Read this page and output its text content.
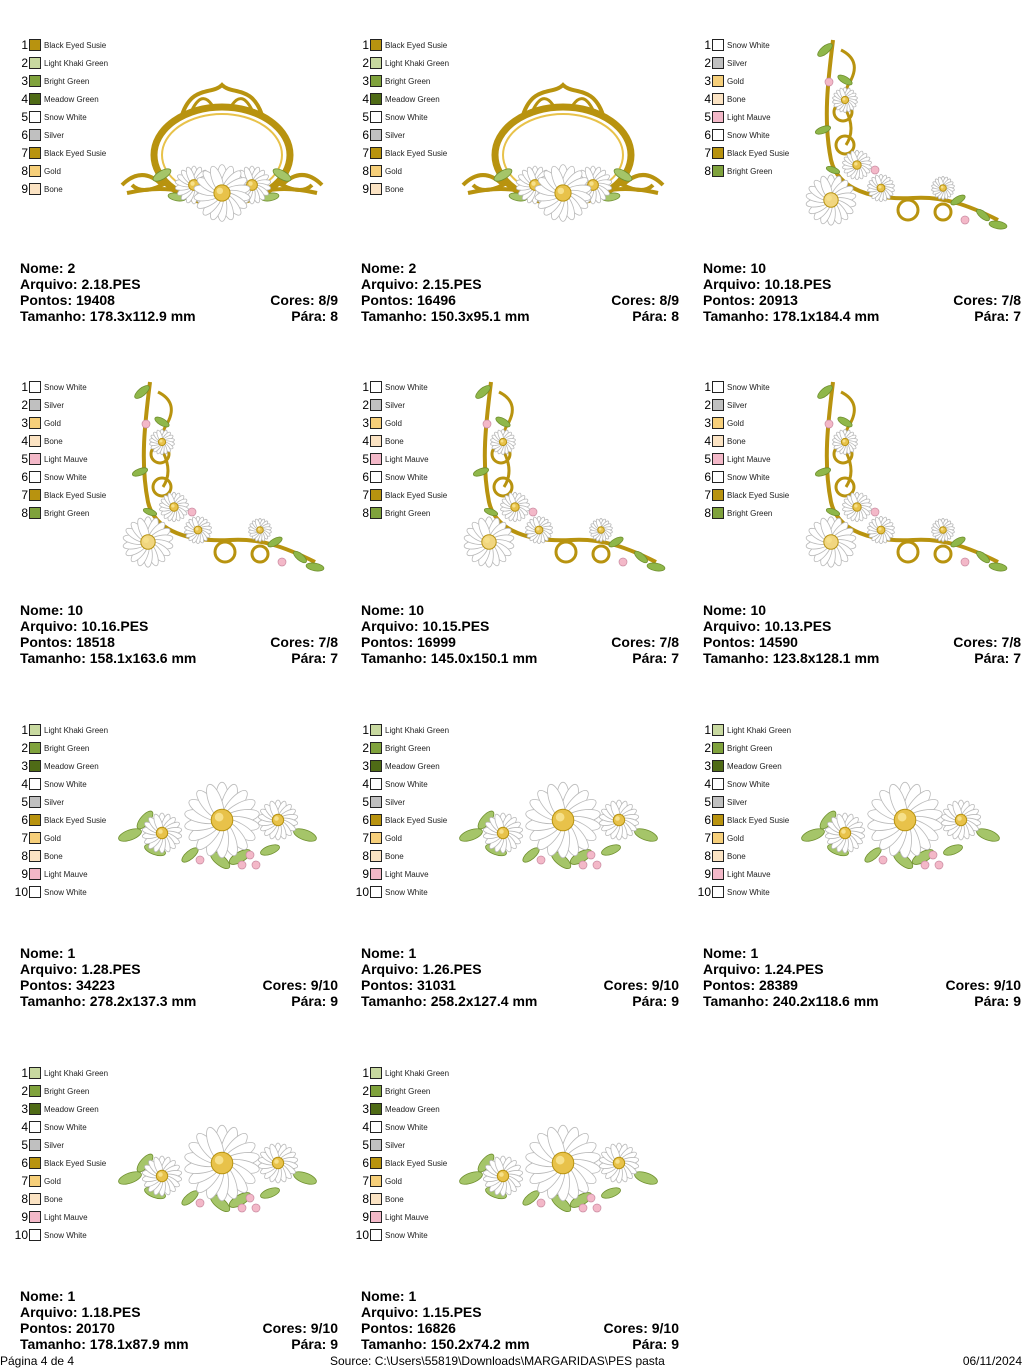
1 Black Eyed Susie
2 Light Khaki Green
3 Bright Green
4 Meadow Green
5 Snow White
6 Silver
7 Black Eyed Susie
8 Gold
9 Bone
Nome: 2
Arquivo: 2.18.PES
Pontos: 19408	Cores: 8/9
Tamanho: 178.3x112.9 mm	Pára: 8
1 Black Eyed Susie
2 Light Khaki Green
3 Bright Green
4 Meadow Green
5 Snow White
6 Silver
7 Black Eyed Susie
8 Gold
9 Bone
Nome: 2
Arquivo: 2.15.PES
Pontos: 16496	Cores: 8/9
Tamanho: 150.3x95.1 mm	Pára: 8
1 Snow White
2 Silver
3 Gold
4 Bone
5 Light Mauve
6 Snow White
7 Black Eyed Susie
8 Bright Green
Nome: 10
Arquivo: 10.18.PES
Pontos: 20913	Cores: 7/8
Tamanho: 178.1x184.4 mm	Pára: 7
1 Snow White
2 Silver
3 Gold
4 Bone
5 Light Mauve
6 Snow White
7 Black Eyed Susie
8 Bright Green
Nome: 10
Arquivo: 10.16.PES
Pontos: 18518	Cores: 7/8
Tamanho: 158.1x163.6 mm	Pára: 7
1 Snow White
2 Silver
3 Gold
4 Bone
5 Light Mauve
6 Snow White
7 Black Eyed Susie
8 Bright Green
Nome: 10
Arquivo: 10.15.PES
Pontos: 16999	Cores: 7/8
Tamanho: 145.0x150.1 mm	Pára: 7
1 Snow White
2 Silver
3 Gold
4 Bone
5 Light Mauve
6 Snow White
7 Black Eyed Susie
8 Bright Green
Nome: 10
Arquivo: 10.13.PES
Pontos: 14590	Cores: 7/8
Tamanho: 123.8x128.1 mm	Pára: 7
1 Light Khaki Green
2 Bright Green
3 Meadow Green
4 Snow White
5 Silver
6 Black Eyed Susie
7 Gold
8 Bone
9 Light Mauve
10 Snow White
Nome: 1
Arquivo: 1.28.PES
Pontos: 34223	Cores: 9/10
Tamanho: 278.2x137.3 mm	Pára: 9
1 Light Khaki Green
2 Bright Green
3 Meadow Green
4 Snow White
5 Silver
6 Black Eyed Susie
7 Gold
8 Bone
9 Light Mauve
10 Snow White
Nome: 1
Arquivo: 1.26.PES
Pontos: 31031	Cores: 9/10
Tamanho: 258.2x127.4 mm	Pára: 9
1 Light Khaki Green
2 Bright Green
3 Meadow Green
4 Snow White
5 Silver
6 Black Eyed Susie
7 Gold
8 Bone
9 Light Mauve
10 Snow White
Nome: 1
Arquivo: 1.24.PES
Pontos: 28389	Cores: 9/10
Tamanho: 240.2x118.6 mm	Pára: 9
1 Light Khaki Green
2 Bright Green
3 Meadow Green
4 Snow White
5 Silver
6 Black Eyed Susie
7 Gold
8 Bone
9 Light Mauve
10 Snow White
Nome: 1
Arquivo: 1.18.PES
Pontos: 20170	Cores: 9/10
Tamanho: 178.1x87.9 mm	Pára: 9
1 Light Khaki Green
2 Bright Green
3 Meadow Green
4 Snow White
5 Silver
6 Black Eyed Susie
7 Gold
8 Bone
9 Light Mauve
10 Snow White
Nome: 1
Arquivo: 1.15.PES
Pontos: 16826	Cores: 9/10
Tamanho: 150.2x74.2 mm	Pára: 9
Página 4 de 4	Source: C:\Users\55819\Downloads\MARGARIDAS\PES pasta	06/11/2024
